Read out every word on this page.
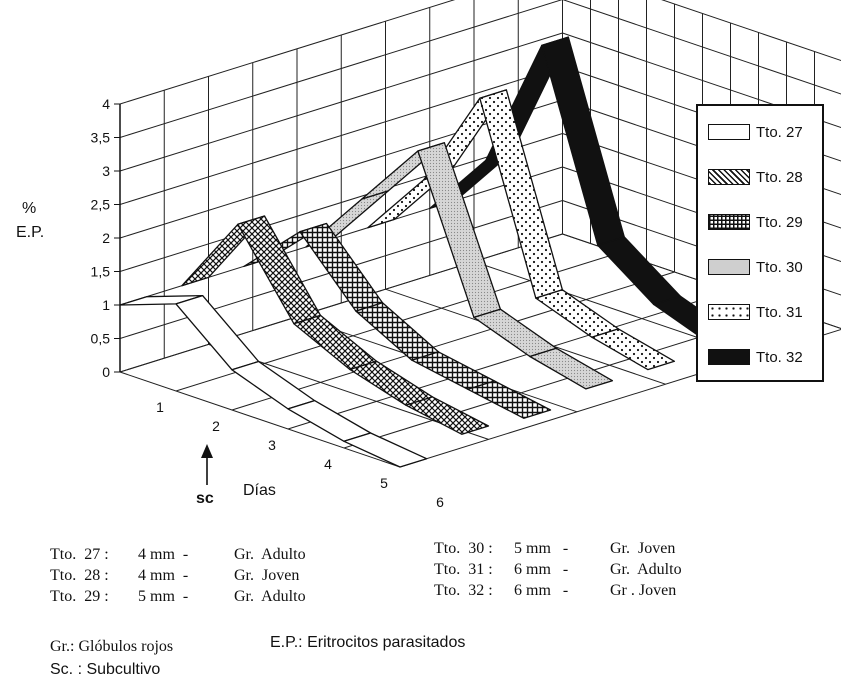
0
0,5
1
1,5
2
2,5
3
3,5
4
1
2
3
4
5
6
%
E.P.
Días
sc
Tto. 27
Tto. 28
Tto. 29
Tto. 30
Tto. 31
Tto. 32
Tto.  27 : 4 mm  -	Gr.  Adulto
Tto.  28 : 4 mm  -	Gr.  Joven
Tto.  29 : 5 mm  -	Gr.  Adulto
Tto.  30 : 5 mm   -	Gr.  Joven
Tto.  31 : 6 mm   -	Gr.  Adulto
Tto.  32 : 6 mm   -	Gr . Joven
Gr.: Glóbulos rojos
Sc. : Subcultivo
E.P.: Eritrocitos parasitados
